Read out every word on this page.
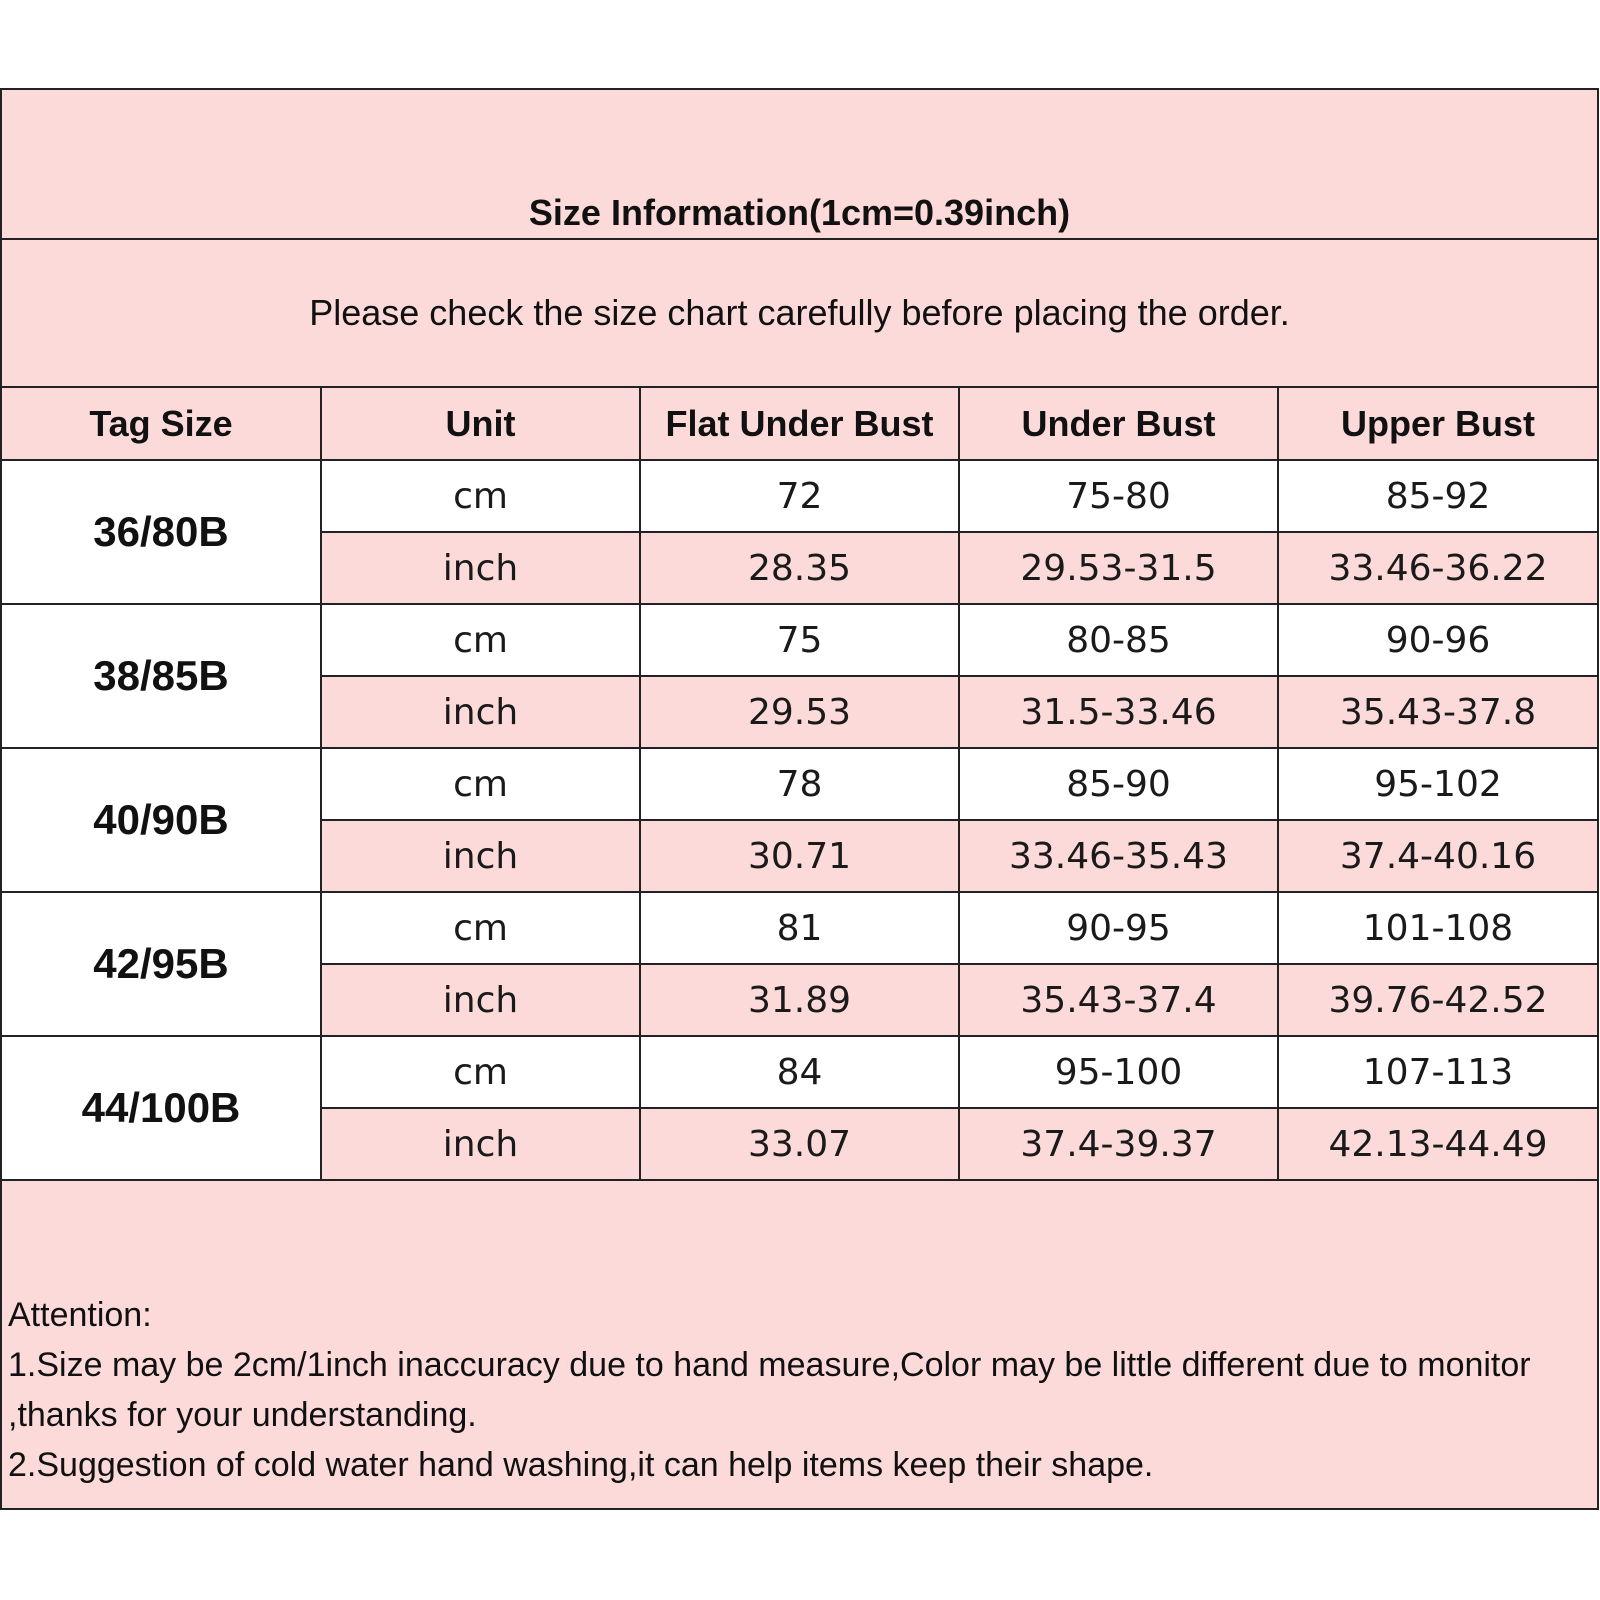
Size Information(1cm=0.39inch)
Please check the size chart carefully before placing the order.
Tag Size	Unit	Flat Under Bust	Under Bust	Upper Bust
36/80B	cm	72	75-80	85-92
	inch	28.35	29.53-31.5	33.46-36.22
38/85B	cm	75	80-85	90-96
	inch	29.53	31.5-33.46	35.43-37.8
40/90B	cm	78	85-90	95-102
	inch	30.71	33.46-35.43	37.4-40.16
42/95B	cm	81	90-95	101-108
	inch	31.89	35.43-37.4	39.76-42.52
44/100B	cm	84	95-100	107-113
	inch	33.07	37.4-39.37	42.13-44.49
Attention:
1.Size may be 2cm/1inch inaccuracy due to hand measure,Color may be little different due to monitor ,thanks for your understanding.
2.Suggestion of cold water hand washing,it can help items keep their shape.
